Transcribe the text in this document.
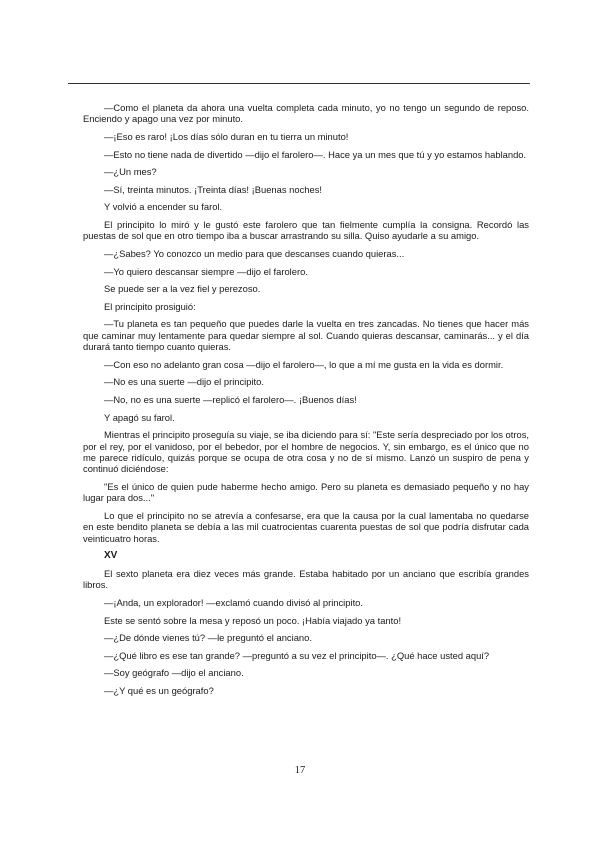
—Como el planeta da ahora una vuelta completa cada minuto, yo no tengo un segundo de reposo. Enciendo y apago una vez por minuto.

—¡Eso es raro! ¡Los días sólo duran en tu tierra un minuto!

—Esto no tiene nada de divertido —dijo el farolero—. Hace ya un mes que tú y yo estamos hablando.

—¿Un mes?

—Sí, treinta minutos. ¡Treinta días! ¡Buenas noches!

Y volvió a encender su farol.

El principito lo miró y le gustó este farolero que tan fielmente cumplía la consigna. Recordó las puestas de sol que en otro tiempo iba a buscar arrastrando su silla. Quiso ayudarle a su amigo.

—¿Sabes? Yo conozco un medio para que descanses cuando quieras...

—Yo quiero descansar siempre —dijo el farolero.

Se puede ser a la vez fiel y perezoso.

El principito prosiguió:

—Tu planeta es tan pequeño que puedes darle la vuelta en tres zancadas. No tienes que hacer más que caminar muy lentamente para quedar siempre al sol. Cuando quieras descansar, caminarás... y el día durará tanto tiempo cuanto quieras.

—Con eso no adelanto gran cosa —dijo el farolero—, lo que a mí me gusta en la vida es dormir.

—No es una suerte —dijo el principito.

—No, no es una suerte —replicó el farolero—. ¡Buenos días!

Y apagó su farol.

Mientras el principito proseguía su viaje, se iba diciendo para sí: "Este sería despreciado por los otros, por el rey, por el vanidoso, por el bebedor, por el hombre de negocios. Y, sin embargo, es el único que no me parece ridículo, quizás porque se ocupa de otra cosa y no de sí mismo. Lanzó un suspiro de pena y continuó diciéndose:

"Es el único de quien pude haberme hecho amigo. Pero su planeta es demasiado pequeño y no hay lugar para dos..."

Lo que el principito no se atrevía a confesarse, era que la causa por la cual lamentaba no quedarse en este bendito planeta se debía a las mil cuatrocientas cuarenta puestas de sol que podría disfrutar cada veinticuatro horas.

XV

El sexto planeta era diez veces más grande. Estaba habitado por un anciano que escribía grandes libros.

—¡Anda, un explorador! —exclamó cuando divisó al principito.

Este se sentó sobre la mesa y reposó un poco. ¡Había viajado ya tanto!

—¿De dónde vienes tú? —le preguntó el anciano.

—¿Qué libro es ese tan grande? —preguntó a su vez el principito—. ¿Qué hace usted aquí?

—Soy geógrafo —dijo el anciano.

—¿Y qué es un geógrafo?

17
